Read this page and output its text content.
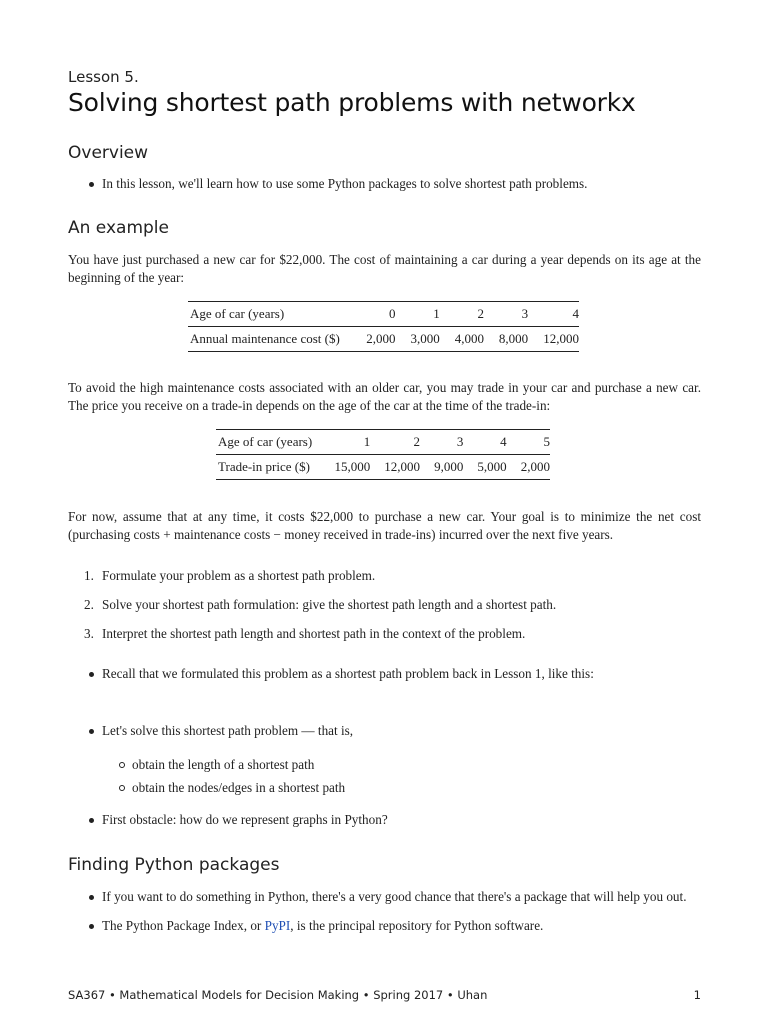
Lesson 5.
Solving shortest path problems with networkx
Overview
In this lesson, we'll learn how to use some Python packages to solve shortest path problems.
An example
You have just purchased a new car for $22,000. The cost of maintaining a car during a year depends on its age at the beginning of the year:
Age of car (years)	0	1	2	3	4
Annual maintenance cost ($)	2,000	3,000	4,000	8,000	12,000
To avoid the high maintenance costs associated with an older car, you may trade in your car and purchase a new car. The price you receive on a trade-in depends on the age of the car at the time of the trade-in:
Age of car (years)	1	2	3	4	5
Trade-in price ($)	15,000	12,000	9,000	5,000	2,000
For now, assume that at any time, it costs $22,000 to purchase a new car. Your goal is to minimize the net cost (purchasing costs + maintenance costs − money received in trade-ins) incurred over the next five years.
1. Formulate your problem as a shortest path problem.
2. Solve your shortest path formulation: give the shortest path length and a shortest path.
3. Interpret the shortest path length and shortest path in the context of the problem.
Recall that we formulated this problem as a shortest path problem back in Lesson 1, like this:
Let's solve this shortest path problem — that is,
obtain the length of a shortest path
obtain the nodes/edges in a shortest path
First obstacle: how do we represent graphs in Python?
Finding Python packages
If you want to do something in Python, there's a very good chance that there's a package that will help you out.
The Python Package Index, or PyPI, is the principal repository for Python software.
SA367 • Mathematical Models for Decision Making • Spring 2017 • Uhan	1
